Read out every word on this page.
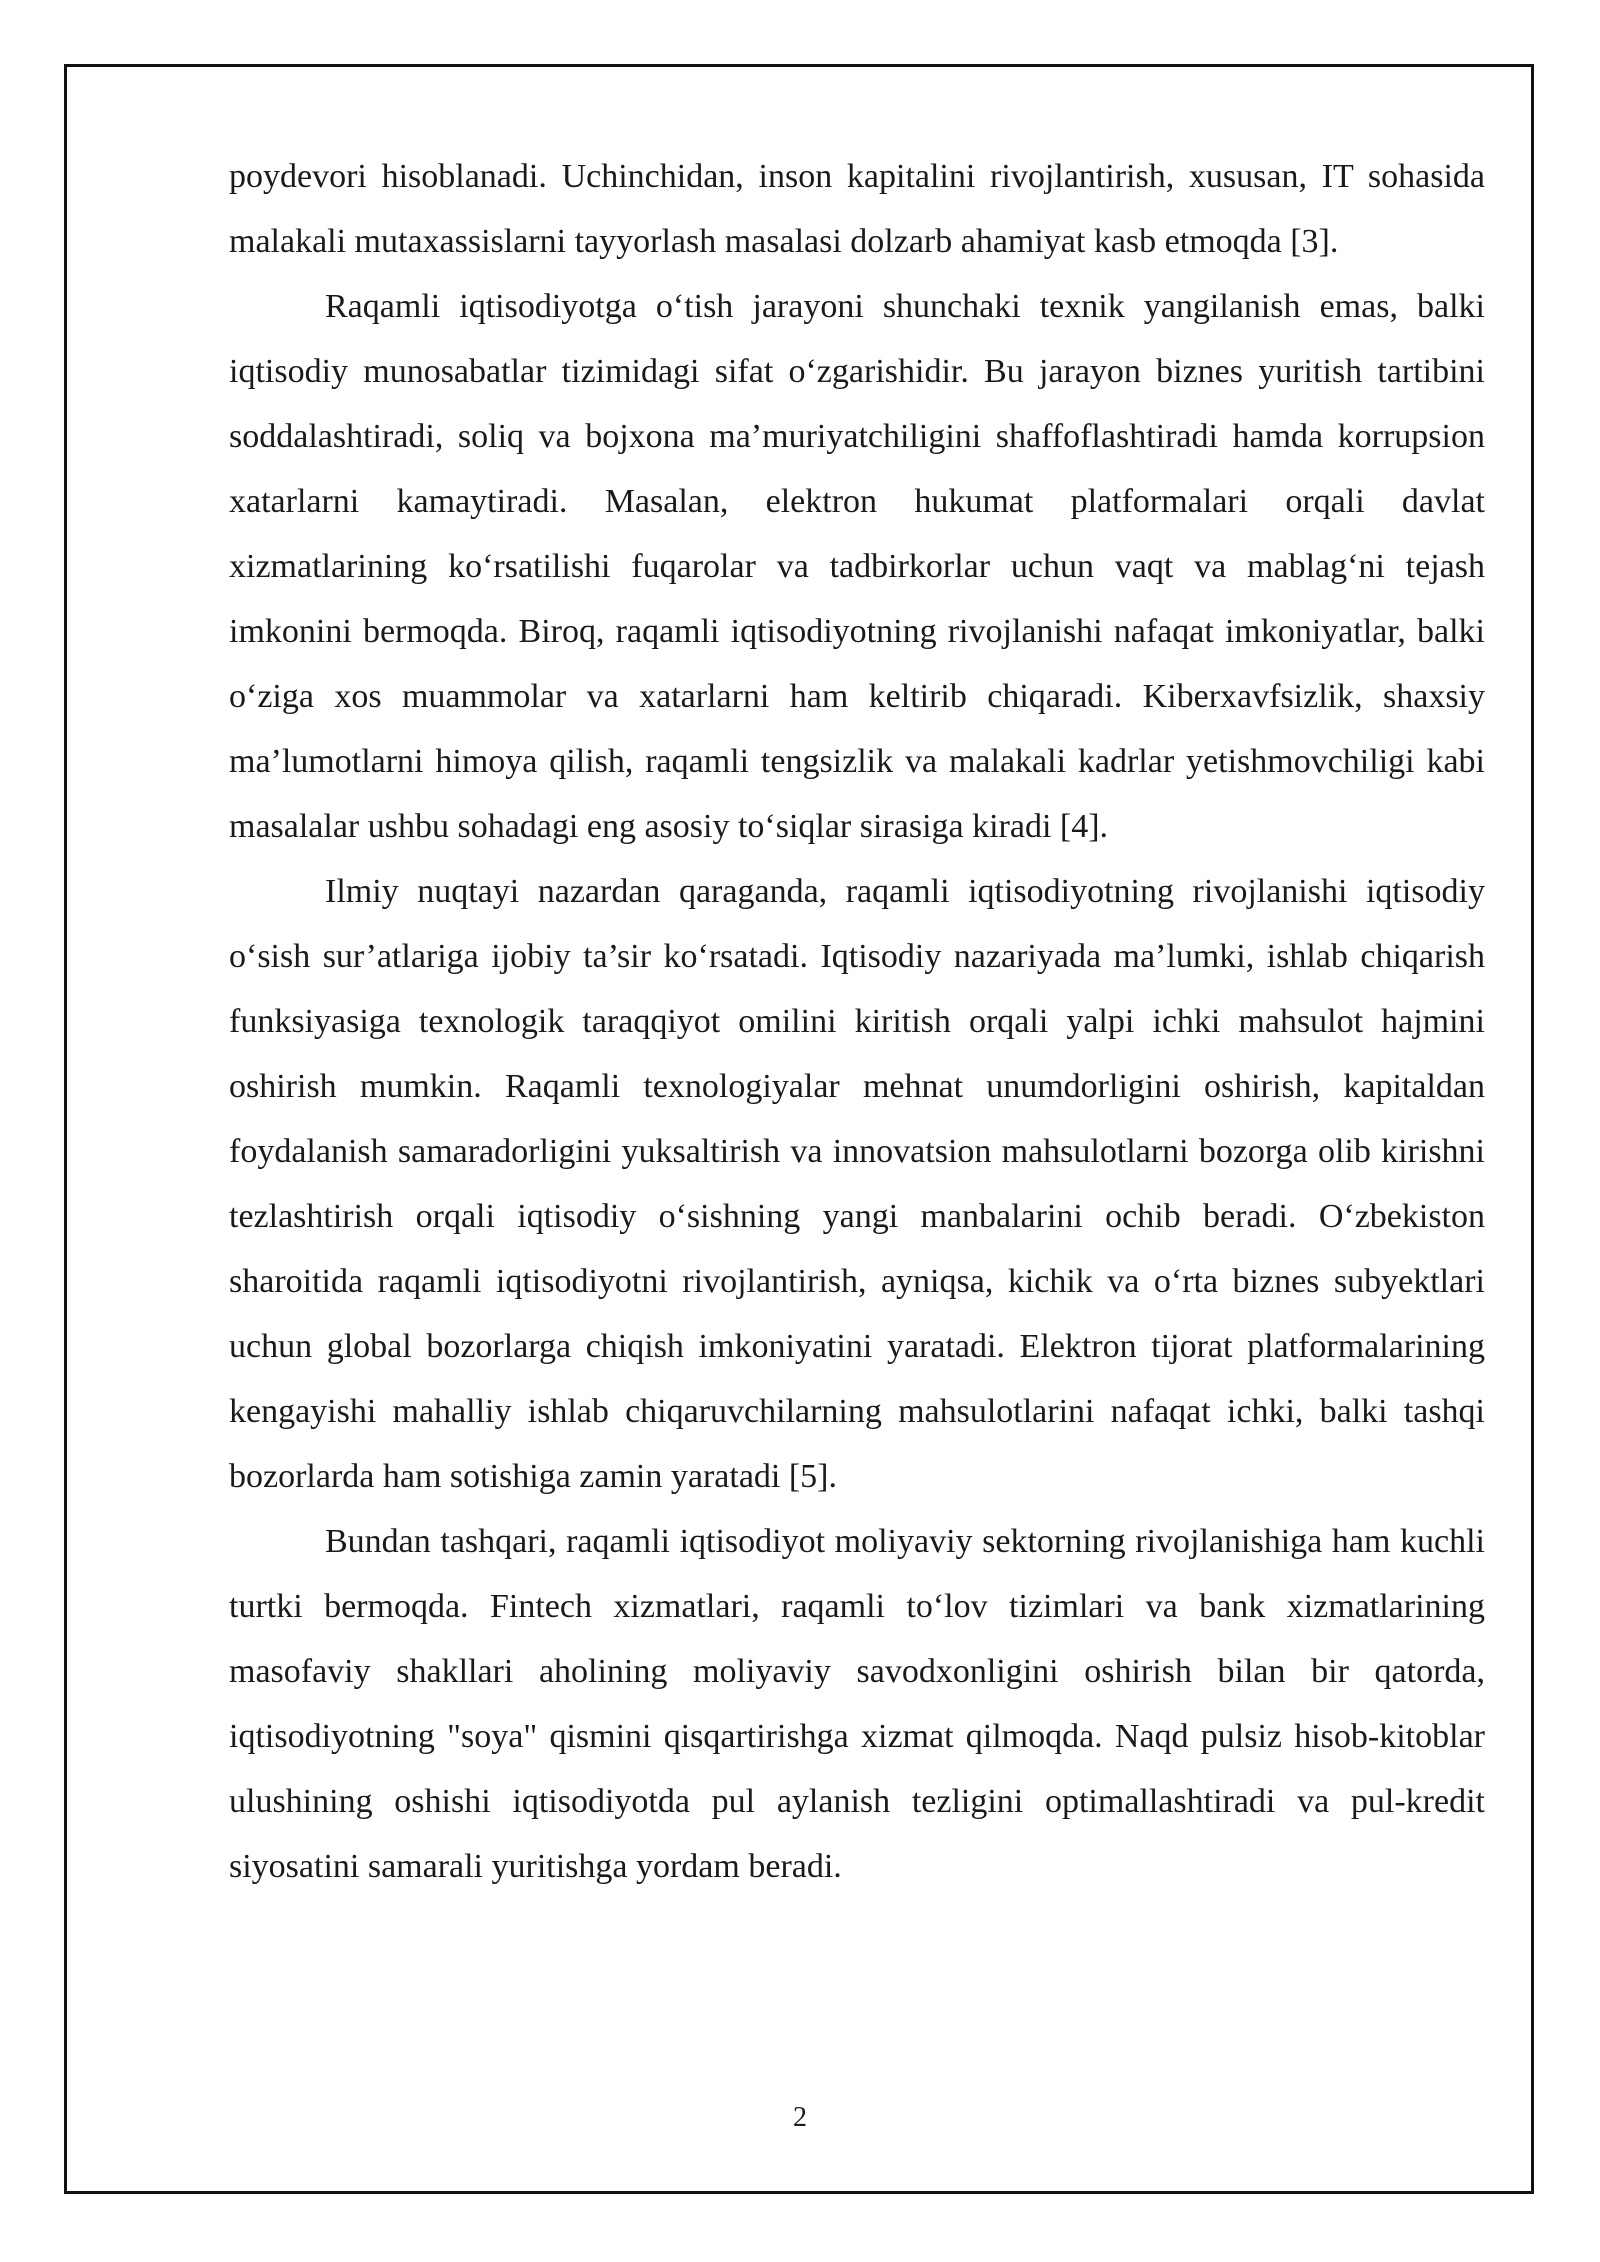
poydevori hisoblanadi. Uchinchidan, inson kapitalini rivojlantirish, xususan, IT sohasida malakali mutaxassislarni tayyorlash masalasi dolzarb ahamiyat kasb etmoqda [3].

Raqamli iqtisodiyotga o‘tish jarayoni shunchaki texnik yangilanish emas, balki iqtisodiy munosabatlar tizimidagi sifat o‘zgarishidir. Bu jarayon biznes yuritish tartibini soddalashtiradi, soliq va bojxona ma’muriyatchiligini shaffoflashtiradi hamda korrupsion xatarlarni kamaytiradi. Masalan, elektron hukumat platformalari orqali davlat xizmatlarining ko‘rsatilishi fuqarolar va tadbirkorlar uchun vaqt va mablag‘ni tejash imkonini bermoqda. Biroq, raqamli iqtisodiyotning rivojlanishi nafaqat imkoniyatlar, balki o‘ziga xos muammolar va xatarlarni ham keltirib chiqaradi. Kiberxavfsizlik, shaxsiy ma’lumotlarni himoya qilish, raqamli tengsizlik va malakali kadrlar yetishmovchiligi kabi masalalar ushbu sohadagi eng asosiy to‘siqlar sirasiga kiradi [4].

Ilmiy nuqtayi nazardan qaraganda, raqamli iqtisodiyotning rivojlanishi iqtisodiy o‘sish sur’atlariga ijobiy ta’sir ko‘rsatadi. Iqtisodiy nazariyada ma’lumki, ishlab chiqarish funksiyasiga texnologik taraqqiyot omilini kiritish orqali yalpi ichki mahsulot hajmini oshirish mumkin. Raqamli texnologiyalar mehnat unumdorligini oshirish, kapitaldan foydalanish samaradorligini yuksaltirish va innovatsion mahsulotlarni bozorga olib kirishni tezlashtirish orqali iqtisodiy o‘sishning yangi manbalarini ochib beradi. O‘zbekiston sharoitida raqamli iqtisodiyotni rivojlantirish, ayniqsa, kichik va o‘rta biznes subyektlari uchun global bozorlarga chiqish imkoniyatini yaratadi. Elektron tijorat platformalarining kengayishi mahalliy ishlab chiqaruvchilarning mahsulotlarini nafaqat ichki, balki tashqi bozorlarda ham sotishiga zamin yaratadi [5].

Bundan tashqari, raqamli iqtisodiyot moliyaviy sektorning rivojlanishiga ham kuchli turtki bermoqda. Fintech xizmatlari, raqamli to‘lov tizimlari va bank xizmatlarining masofaviy shakllari aholining moliyaviy savodxonligini oshirish bilan bir qatorda, iqtisodiyotning "soya" qismini qisqartirishga xizmat qilmoqda. Naqd pulsiz hisob-kitoblar ulushining oshishi iqtisodiyotda pul aylanish tezligini optimallashtiradi va pul-kredit siyosatini samarali yuritishga yordam beradi.

2
